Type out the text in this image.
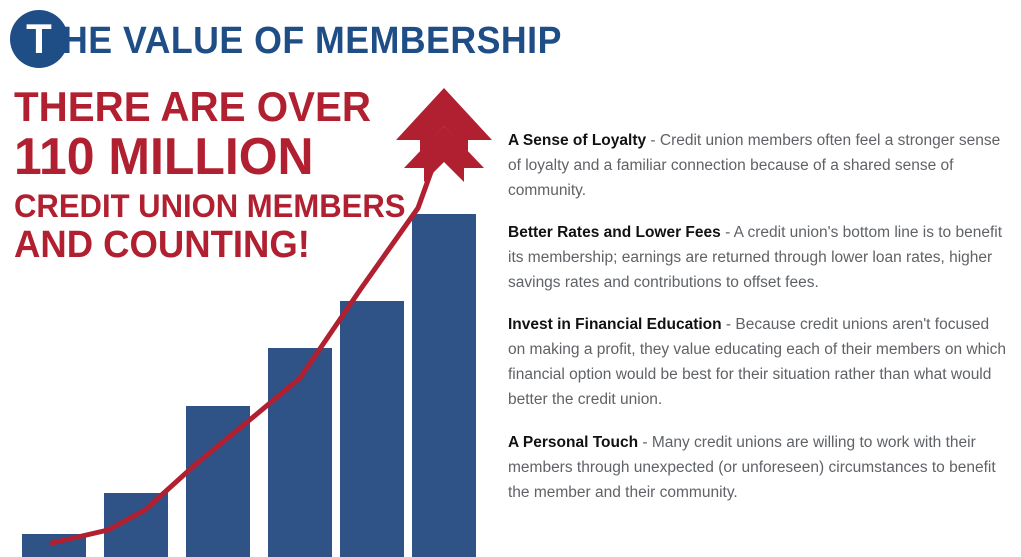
T HE VALUE OF MEMBERSHIP
THERE ARE OVER
110 MILLION
CREDIT UNION MEMBERS
AND COUNTING!

A Sense of Loyalty - Credit union members often feel a stronger sense of loyalty and a familiar connection because of a shared sense of community.

Better Rates and Lower Fees - A credit union's bottom line is to benefit its membership; earnings are returned through lower loan rates, higher savings rates and contributions to offset fees.

Invest in Financial Education - Because credit unions aren't focused on making a profit, they value educating each of their members on which financial option would be best for their situation rather than what would better the credit union.

A Personal Touch - Many credit unions are willing to work with their members through unexpected (or unforeseen) circumstances to benefit the member and their community.
